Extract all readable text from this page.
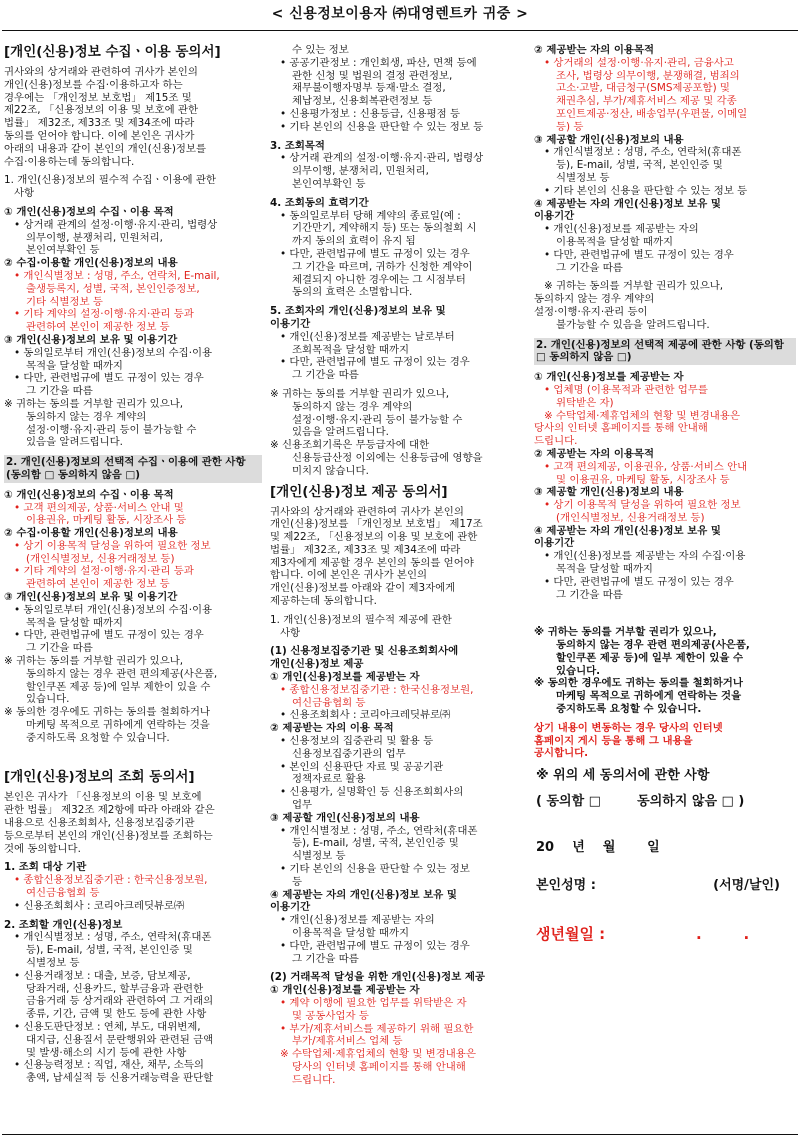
< 신용정보이용자 ㈜대영렌트카 귀중 >

[개인(신용)정보 수집ㆍ이용 동의서]

귀사와의 상거래와 관련하여 귀사가 본인의

개인(신용)정보를 수집·이용하고자 하는

경우에는 「개인정보 보호법」 제15조 및

제22조, 「신용정보의 이용 및 보호에 관한

법률」 제32조, 제33조 및 제34조에 따라

동의를 얻어야 합니다. 이에 본인은 귀사가

아래의 내용과 같이 본인의 개인(신용)정보를

수집·이용하는데 동의합니다.

1. 개인(신용)정보의 필수적 수집ㆍ이용에 관한

사항

① 개인(신용)정보의 수집ㆍ이용 목적

• 상거래 관계의 설정·이행·유지·관리, 법령상

의무이행, 분쟁처리, 민원처리,

본인여부확인 등

② 수집·이용할 개인(신용)정보의 내용

• 개인식별정보 : 성명, 주소, 연락처, E-mail,

출생등록지, 성별, 국적, 본인인증정보,

기타 식별정보 등

• 기타 계약의 설정·이행·유지·관리 등과

관련하여 본인이 제공한 정보 등

③ 개인(신용)정보의 보유 및 이용기간

• 동의일로부터 개인(신용)정보의 수집·이용

목적을 달성할 때까지

• 다만, 관련법규에 별도 규정이 있는 경우

그 기간을 따름

※ 귀하는 동의를 거부할 권리가 있으나,

동의하지 않는 경우 계약의

설정·이행·유지·관리 등이 불가능할 수

있음을 알려드립니다.

2. 개인(신용)정보의 선택적 수집ㆍ이용에 관한 사항 (동의함 □ 동의하지 않음 □)

① 개인(신용)정보의 수집ㆍ이용 목적

• 고객 편의제공, 상품·서비스 안내 및

이용권유, 마케팅 활동, 시장조사 등

② 수집·이용할 개인(신용)정보의 내용

• 상기 이용목적 달성을 위하여 필요한 정보

(개인식별정보, 신용거래정보 등)

• 기타 계약의 설정·이행·유지·관리 등과

관련하여 본인이 제공한 정보 등

③ 개인(신용)정보의 보유 및 이용기간

• 동의일로부터 개인(신용)정보의 수집·이용

목적을 달성할 때까지

• 다만, 관련법규에 별도 규정이 있는 경우

그 기간을 따름

※ 귀하는 동의를 거부할 권리가 있으나,

동의하지 않는 경우 관련 편의제공(사은품,

할인쿠폰 제공 등)에 일부 제한이 있을 수

있습니다.

※ 동의한 경우에도 귀하는 동의를 철회하거나

마케팅 목적으로 귀하에게 연락하는 것을

중지하도록 요청할 수 있습니다.

[개인(신용)정보의 조회 동의서]

본인은 귀사가 「신용정보의 이용 및 보호에

관한 법률」 제32조 제2항에 따라 아래와 같은

내용으로 신용조회회사, 신용정보집중기관

등으로부터 본인의 개인(신용)정보를 조회하는

것에 동의합니다.

1. 조회 대상 기관

• 종합신용정보집중기관 : 한국신용정보원,

여신금융협회 등

• 신용조회회사 : 코리아크레딧뷰로㈜

2. 조회할 개인(신용)정보

• 개인식별정보 : 성명, 주소, 연락처(휴대폰

등), E-mail, 성별, 국적, 본인인증 및

식별정보 등

• 신용거래정보 : 대출, 보증, 담보제공,

당좌거래, 신용카드, 할부금융과 관련한

금융거래 등 상거래와 관련하여 그 거래의

종류, 기간, 금액 및 한도 등에 관한 사항

• 신용도판단정보 : 연체, 부도, 대위변제,

대지급, 신용질서 문란행위와 관련된 금액

및 발생·해소의 시기 등에 관한 사항

• 신용능력정보 : 직업, 재산, 채무, 소득의

총액, 납세실적 등 신용거래능력을 판단할

수 있는 정보

• 공공기관정보 : 개인회생, 파산, 면책 등에

관한 신청 및 법원의 결정 관련정보,

채무불이행자명부 등재·말소 결정,

체납정보, 신용회복관련정보 등

• 신용평가정보 : 신용등급, 신용평점 등

• 기타 본인의 신용을 판단할 수 있는 정보 등

3. 조회목적

• 상거래 관계의 설정·이행·유지·관리, 법령상

의무이행, 분쟁처리, 민원처리,

본인여부확인 등

4. 조회동의 효력기간

• 동의일로부터 당해 계약의 종료일(예 :

기간만기, 계약해지 등) 또는 동의철회 시

까지 동의의 효력이 유지 됨

• 다만, 관련법규에 별도 규정이 있는 경우

그 기간을 따르며, 귀하가 신청한 계약이

체결되지 아니한 경우에는 그 시점부터

동의의 효력은 소멸합니다.

5. 조회자의 개인(신용)정보의 보유 및

이용기간

• 개인(신용)정보를 제공받는 날로부터

조회목적을 달성할 때까지

• 다만, 관련법규에 별도 규정이 있는 경우

그 기간을 따름

※ 귀하는 동의를 거부할 권리가 있으나,

동의하지 않는 경우 계약의

설정·이행·유지·관리 등이 불가능할 수

있음을 알려드립니다.

※ 신용조회기록은 무등급자에 대한

신용등급산정 이외에는 신용등급에 영향을

미치지 않습니다.

[개인(신용)정보 제공 동의서]

귀사와의 상거래와 관련하여 귀사가 본인의

개인(신용)정보를 「개인정보 보호법」 제17조

및 제22조, 「신용정보의 이용 및 보호에 관한

법률」 제32조, 제33조 및 제34조에 따라

제3자에게 제공할 경우 본인의 동의를 얻어야

합니다. 이에 본인은 귀사가 본인의

개인(신용)정보를 아래와 같이 제3자에게

제공하는데 동의합니다.

1. 개인(신용)정보의 필수적 제공에 관한

사항

(1) 신용정보집중기관 및 신용조회회사에

개인(신용)정보 제공

① 개인(신용)정보를 제공받는 자

• 종합신용정보집중기관 : 한국신용정보원,

여신금융협회 등

• 신용조회회사 : 코리아크레딧뷰로㈜

② 제공받는 자의 이용 목적

• 신용정보의 집중관리 및 활용 등

신용정보집중기관의 업무

• 본인의 신용판단 자료 및 공공기관

정책자료로 활용

• 신용평가, 실명확인 등 신용조회회사의

업무

③ 제공할 개인(신용)정보의 내용

• 개인식별정보 : 성명, 주소, 연락처(휴대폰

등), E-mail, 성별, 국적, 본인인증 및

식별정보 등

• 기타 본인의 신용을 판단할 수 있는 정보

등

④ 제공받는 자의 개인(신용)정보 보유 및

이용기간

• 개인(신용)정보를 제공받는 자의

이용목적을 달성할 때까지

• 다만, 관련법규에 별도 규정이 있는 경우

그 기간을 따름

(2) 거래목적 달성을 위한 개인(신용)정보 제공

① 개인(신용)정보를 제공받는 자

• 계약 이행에 필요한 업무를 위탁받은 자

및 공동사업자 등

• 부가/제휴서비스를 제공하기 위해 필요한

부가/제휴서비스 업체 등

※ 수탁업체·제휴업체의 현황 및 변경내용은

당사의 인터넷 홈페이지를 통해 안내해

드립니다.

② 제공받는 자의 이용목적

• 상거래의 설정·이행·유지·관리, 금융사고

조사, 법령상 의무이행, 분쟁해결, 범죄의

고소·고발, 대금청구(SMS제공포함) 및

채권추심, 부가/제휴서비스 제공 및 각종

포인트제공·정산, 배송업무(우편물, 이메일

등) 등

③ 제공할 개인(신용)정보의 내용

• 개인식별정보 : 성명, 주소, 연락처(휴대폰

등), E-mail, 성별, 국적, 본인인증 및

식별정보 등

• 기타 본인의 신용을 판단할 수 있는 정보 등

④ 제공받는 자의 개인(신용)정보 보유 및

이용기간

• 개인(신용)정보를 제공받는 자의

이용목적을 달성할 때까지

• 다만, 관련법규에 별도 규정이 있는 경우

그 기간을 따름

※ 귀하는 동의를 거부할 권리가 있으나,

동의하지 않는 경우 계약의

설정·이행·유지·관리 등이

불가능할 수 있음을 알려드립니다.

2. 개인(신용)정보의 선택적 제공에 관한 사항 (동의함 □ 동의하지 않음 □)

① 개인(신용)정보를 제공받는 자

• 업체명 (이용목적과 관련한 업무를

위탁받은 자)

※ 수탁업체·제휴업체의 현황 및 변경내용은

당사의 인터넷 홈페이지를 통해 안내해

드립니다.

② 제공받는 자의 이용목적

• 고객 편의제공, 이용권유, 상품·서비스 안내

및 이용권유, 마케팅 활동, 시장조사 등

③ 제공할 개인(신용)정보의 내용

• 상기 이용목적 달성을 위하여 필요한 정보

(개인식별정보, 신용거래정보 등)

④ 제공받는 자의 개인(신용)정보 보유 및

이용기간

• 개인(신용)정보를 제공받는 자의 수집·이용

목적을 달성할 때까지

• 다만, 관련법규에 별도 규정이 있는 경우

그 기간을 따름

※ 귀하는 동의를 거부할 권리가 있으나,

동의하지 않는 경우 관련 편의제공(사은품,

할인쿠폰 제공 등)에 일부 제한이 있을 수

있습니다.

※ 동의한 경우에도 귀하는 동의를 철회하거나

마케팅 목적으로 귀하에게 연락하는 것을

중지하도록 요청할 수 있습니다.

상기 내용이 변동하는 경우 당사의 인터넷

홈페이지 게시 등을 통해 그 내용을

공시합니다.

※ 위의 세 동의서에 관한 사항
( 동의함 □        동의하지 않음 □ )
20    년    월       일
본인성명 :	(서명/날인)
생년월일 :	.        .
